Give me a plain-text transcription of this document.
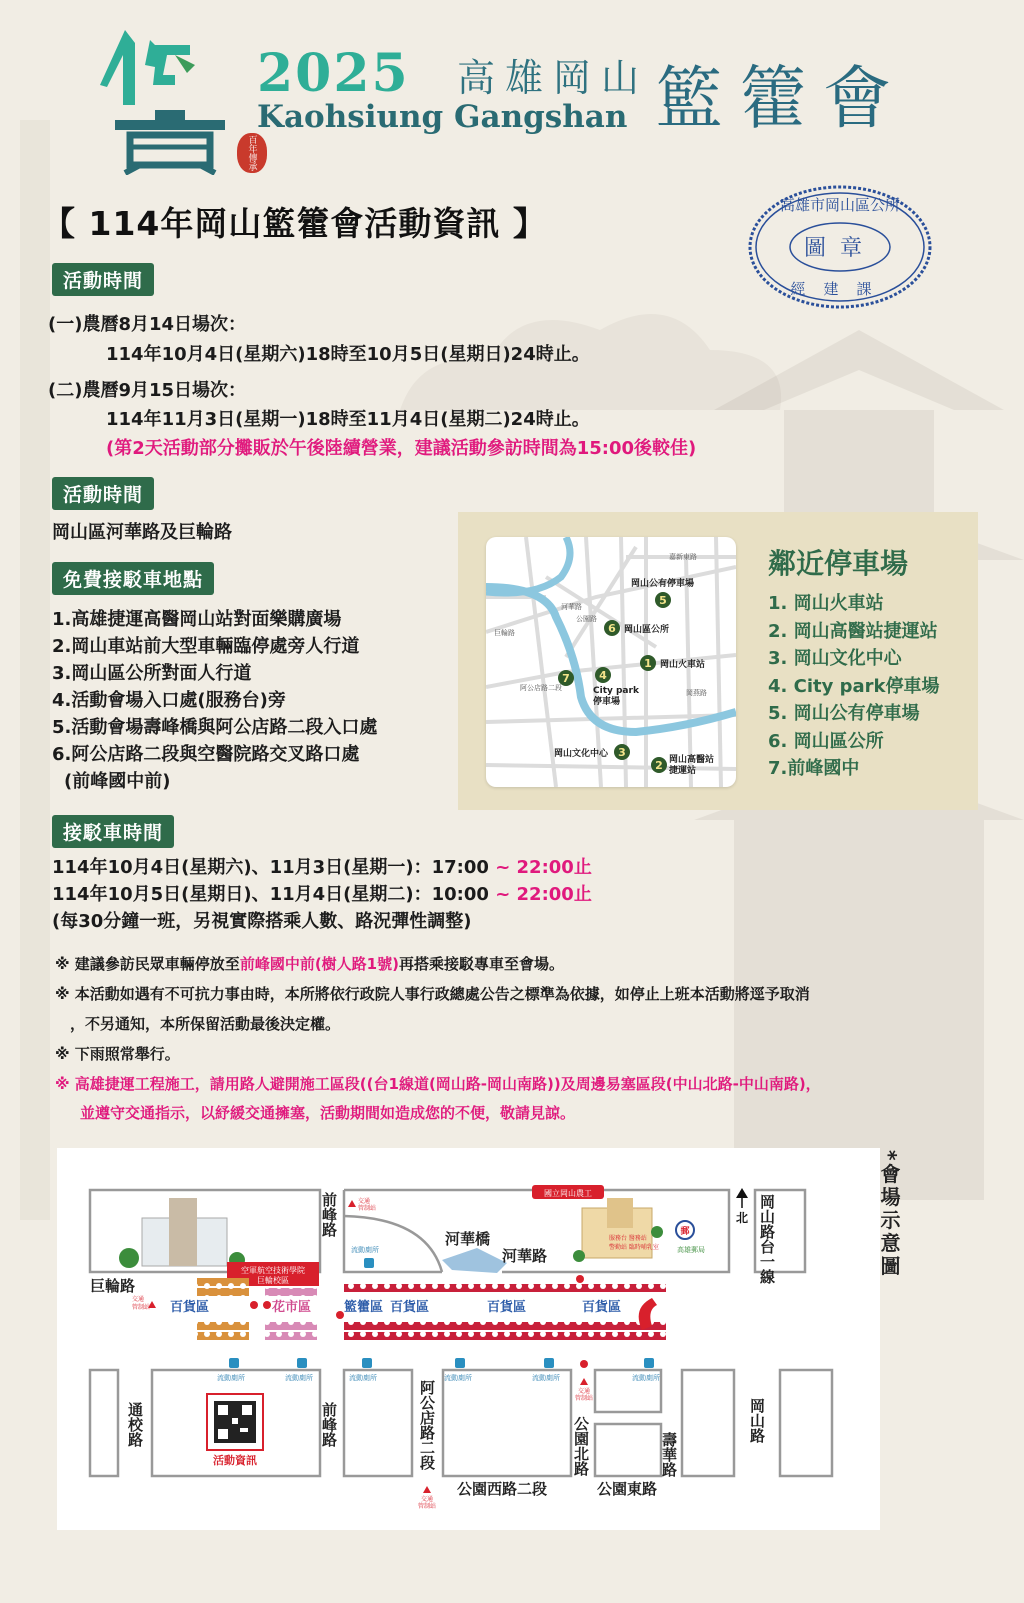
百年傳承
2025 高雄岡山
Kaohsiung Gangshan 籃籗會
【 114年岡山籃籗會活動資訊 】	高雄市岡山區公所
圖章
經建課
活動時間
(一)農曆8月14日場次：
114年10月4日(星期六)18時至10月5日(星期日)24時止。
(二)農曆9月15日場次：
114年11月3日(星期一)18時至11月4日(星期二)24時止。
(第2天活動部分攤販於午後陸續營業，建議活動參訪時間為15:00後較佳)
活動時間
岡山區河華路及巨輪路
免費接駁車地點
1.高雄捷運高醫岡山站對面樂購廣場
2.岡山車站前大型車輛臨停處旁人行道
3.岡山區公所對面人行道
4.活動會場入口處(服務台)旁
5.活動會場壽峰橋與阿公店路二段入口處
6.阿公店路二段與空醫院路交叉路口處
(前峰國中前)
嘉新東路
河華路
公園路
巨輪路
岡燕路
阿公店路二段
岡山公有停車場
岡山區公所
岡山火車站
City park
停車場
岡山文化中心
岡山高醫站
捷運站
5
6
1
4
7
3
2
鄰近停車場
1. 岡山火車站
2. 岡山高醫站捷運站
3. 岡山文化中心
4. City park停車場
5. 岡山公有停車場
6. 岡山區公所
7.前峰國中
接駁車時間
114年10月4日(星期六)、11月3日(星期一)：17:00 ~ 22:00止
114年10月5日(星期日)、11月4日(星期二)：10:00 ~ 22:00止
(每30分鐘一班，另視實際搭乘人數、路況彈性調整)
※ 建議參訪民眾車輛停放至前峰國中前(樹人路1號)再搭乘接駁專車至會場。
※ 本活動如遇有不可抗力事由時，本所將依行政院人事行政總處公告之標準為依據，如停止上班本活動將逕予取消
，不另通知，本所保留活動最後決定權。
※ 下雨照常舉行。
※ 高雄捷運工程施工，請用路人避開施工區段((台1線道(岡山路-岡山南路))及周邊易塞區段(中山北路-中山南路)，
並遵守交通指示，以紓緩交通擁塞，活動期間如造成您的不便，敬請見諒。
空軍航空技術學院
巨輪校區
國立岡山農工
服務台 醫務站
警勤站 臨時哺乳室
郵
高雄郵局
百貨區	花市區	籃籗區 百貨區	百貨區	百貨區
巨輪路
河華橋
河華路
公園西路二段	公園東路
前峰路	岡山路台一線
通校路	前峰路	阿公店路二段	公園北路	壽華路
岡山路
北
交通
管制站
交通
管制站
交通
管制站
交通
管制站
流動廁所
流動廁所	流動廁所	流動廁所	流動廁所	流動廁所	流動廁所
活動資訊
*會場示意圖
